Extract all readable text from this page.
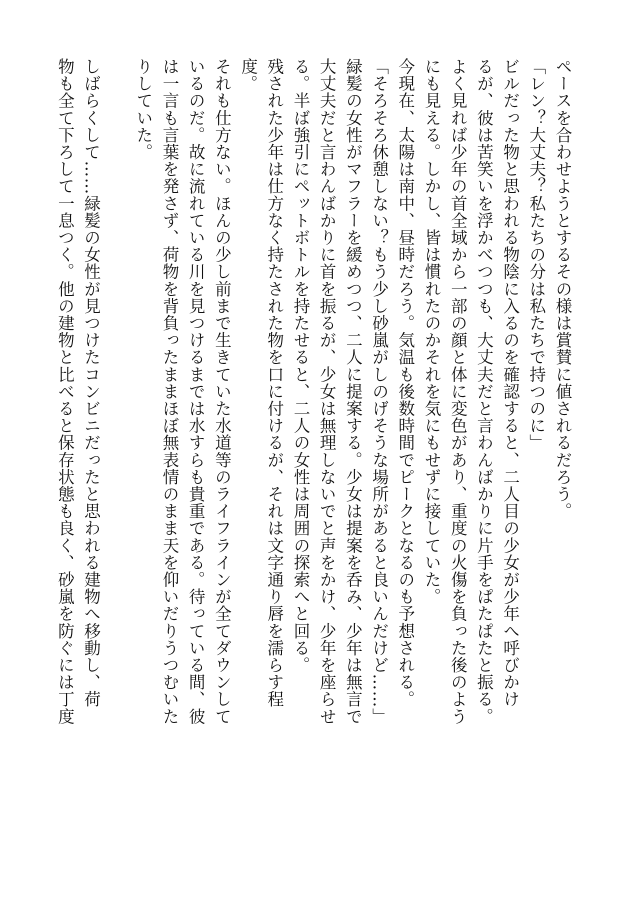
ペースを合わせようとするその様は賞賛に値されるだろう。
「レン？大丈夫？私たちの分は私たちで持つのに」
ビルだった物と思われる物陰に入るのを確認すると、二人目の少女が少年へ呼びかけ
るが、彼は苦笑いを浮かべつつも、大丈夫だと言わんばかりに片手をぱたぱたと振る。
よく見れば少年の首全域から一部の顔と体に変色があり、重度の火傷を負った後のよう
にも見える。しかし、皆は慣れたのかそれを気にもせずに接していた。
今現在、太陽は南中、昼時だろう。気温も後数時間でピークとなるのも予想される。
「そろそろ休憩しない？もう少し砂嵐がしのげそうな場所があると良いんだけど……」
緑髪の女性がマフラーを緩めつつ、二人に提案する。少女は提案を呑み、少年は無言で
大丈夫だと言わんばかりに首を振るが、少女は無理しないでと声をかけ、少年を座らせ
る。半ば強引にペットボトルを持たせると、二人の女性は周囲の探索へと回る。
残された少年は仕方なく持たされた物を口に付けるが、それは文字通り唇を濡らす程
度。
それも仕方ない。ほんの少し前まで生きていた水道等のライフラインが全てダウンして
いるのだ。故に流れている川を見つけるまでは水すらも貴重である。待っている間、彼
は一言も言葉を発さず、荷物を背負ったままほぼ無表情のまま天を仰いだりうつむいた
りしていた。
しばらくして……緑髪の女性が見つけたコンビニだったと思われる建物へ移動し、荷
物も全て下ろして一息つく。他の建物と比べると保存状態も良く、砂嵐を防ぐには丁度
